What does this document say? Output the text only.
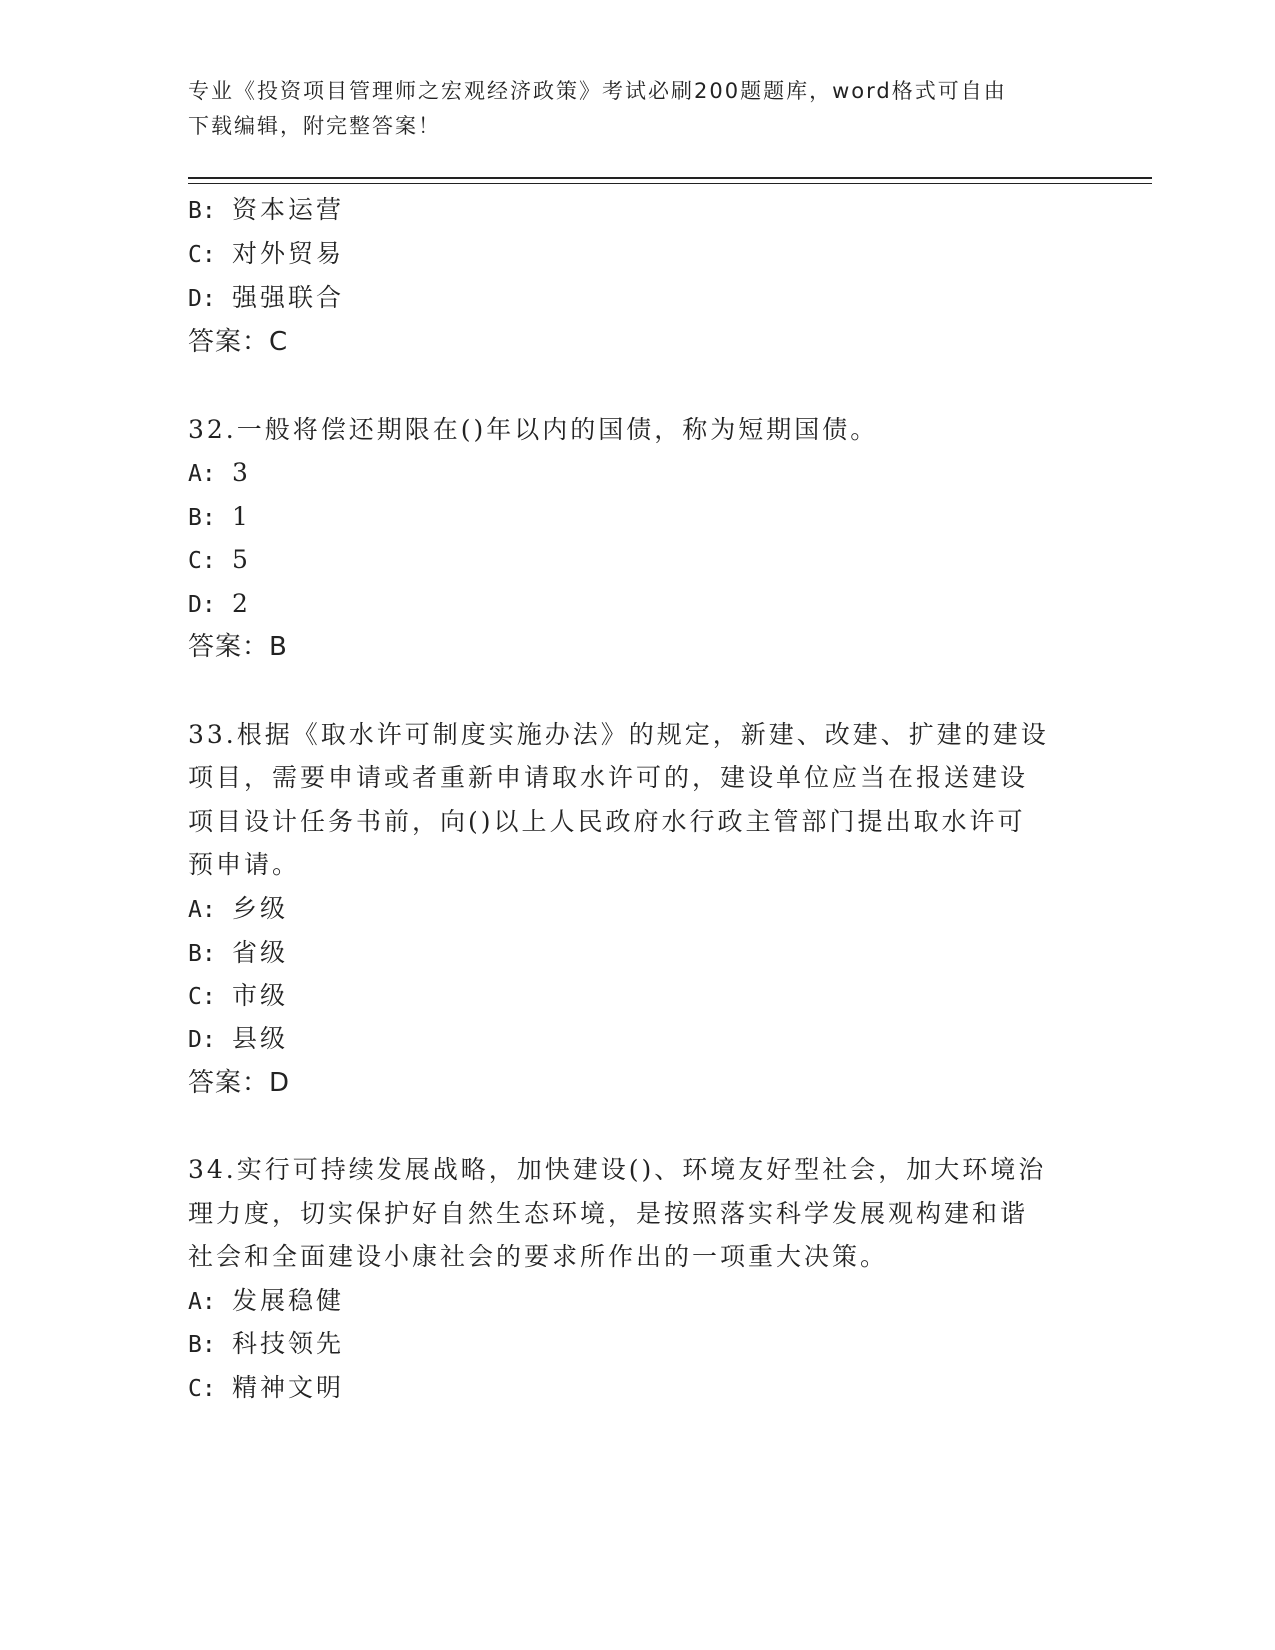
专业《投资项目管理师之宏观经济政策》考试必刷200题题库，word格式可自由
下载编辑，附完整答案！
B: 资本运营
C: 对外贸易
D: 强强联合
答案：C
32.一般将偿还期限在()年以内的国债，称为短期国债。
A: 3
B: 1
C: 5
D: 2
答案：B
33.根据《取水许可制度实施办法》的规定，新建、改建、扩建的建设
项目，需要申请或者重新申请取水许可的，建设单位应当在报送建设
项目设计任务书前，向()以上人民政府水行政主管部门提出取水许可
预申请。
A: 乡级
B: 省级
C: 市级
D: 县级
答案：D
34.实行可持续发展战略，加快建设()、环境友好型社会，加大环境治
理力度，切实保护好自然生态环境，是按照落实科学发展观构建和谐
社会和全面建设小康社会的要求所作出的一项重大决策。
A: 发展稳健
B: 科技领先
C: 精神文明
